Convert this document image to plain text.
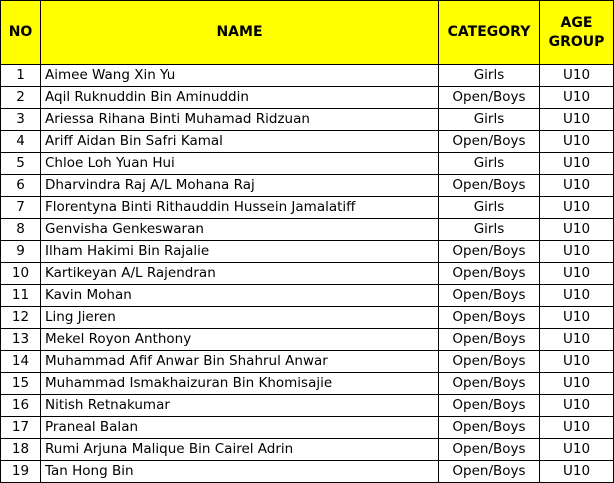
NO	NAME	CATEGORY	AGE
GROUP

1	Aimee Wang Xin Yu	Girls	U10
2	Aqil Ruknuddin Bin Aminuddin	Open/Boys	U10
3	Ariessa Rihana Binti Muhamad Ridzuan	Girls	U10
4	Ariff Aidan Bin Safri Kamal	Open/Boys	U10
5	Chloe Loh Yuan Hui	Girls	U10
6	Dharvindra Raj A/L Mohana Raj	Open/Boys	U10
7	Florentyna Binti Rithauddin Hussein Jamalatiff	Girls	U10
8	Genvisha Genkeswaran	Girls	U10
9	Ilham Hakimi Bin Rajalie	Open/Boys	U10
10	Kartikeyan A/L Rajendran	Open/Boys	U10
11	Kavin Mohan	Open/Boys	U10
12	Ling Jieren	Open/Boys	U10
13	Mekel Royon Anthony	Open/Boys	U10
14	Muhammad Afif Anwar Bin Shahrul Anwar	Open/Boys	U10
15	Muhammad Ismakhaizuran Bin Khomisajie	Open/Boys	U10
16	Nitish Retnakumar	Open/Boys	U10
17	Praneal Balan	Open/Boys	U10
18	Rumi Arjuna Malique Bin Cairel Adrin	Open/Boys	U10
19	Tan Hong Bin	Open/Boys	U10
